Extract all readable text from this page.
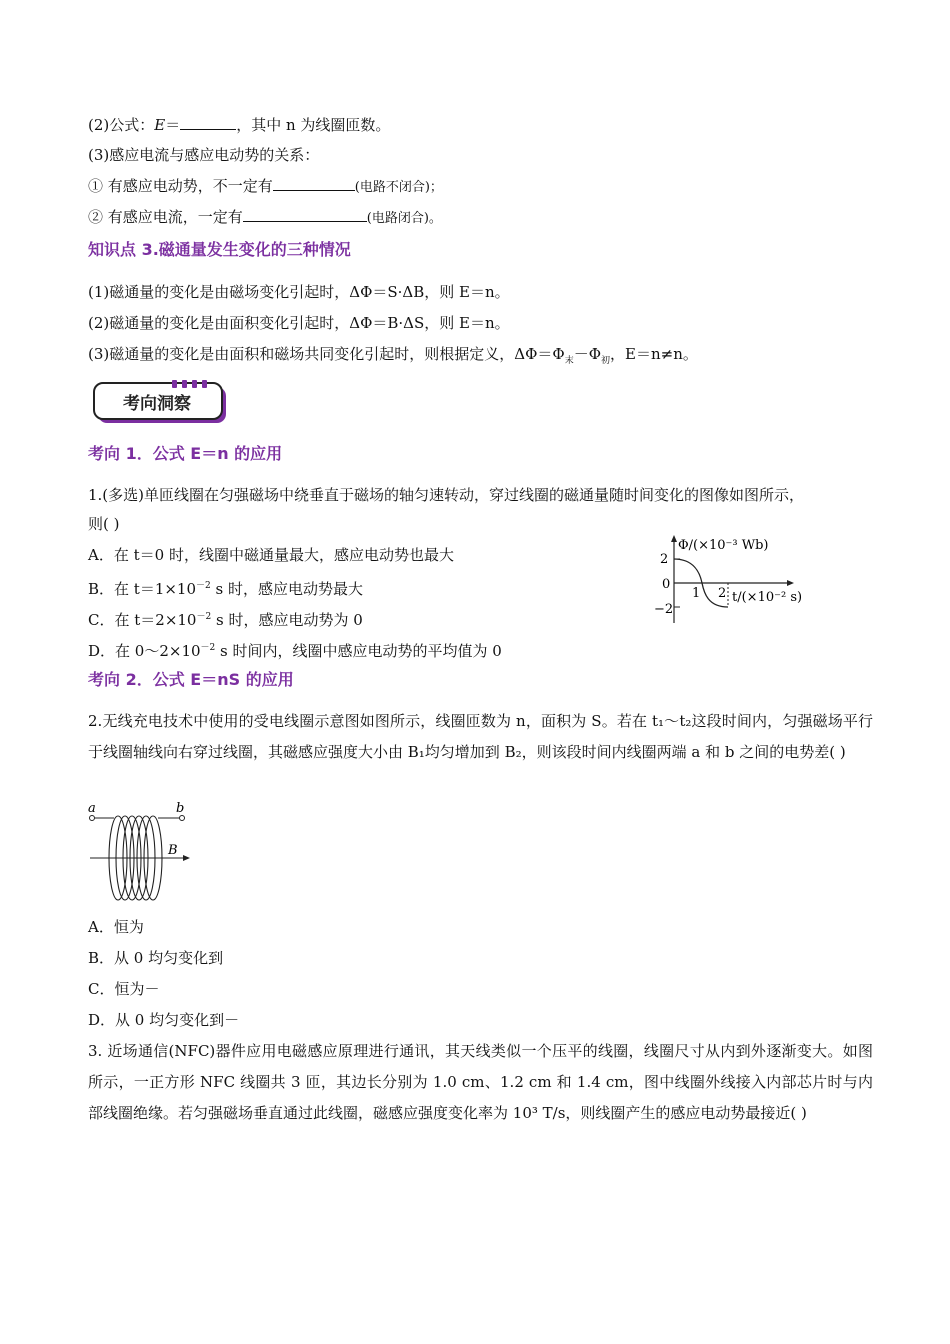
(2)公式：E＝	，其中 n 为线圈匝数。
(3)感应电流与感应电动势的关系：
① 有感应电动势，不一定有	(电路不闭合)；
② 有感应电流，一定有	(电路闭合)。
知识点 3.磁通量发生变化的三种情况
(1)磁通量的变化是由磁场变化引起时，ΔΦ＝S·ΔB，则 E＝n。
(2)磁通量的变化是由面积变化引起时，ΔΦ＝B·ΔS，则 E＝n。
(3)磁通量的变化是由面积和磁场共同变化引起时，则根据定义，$\Delta\Phi=\Phi_末-\Phi_初$，E＝n≠n。
考向洞察
考向 1．公式 E＝n 的应用
1.(多选)单匝线圈在匀强磁场中绕垂直于磁场的轴匀速转动，穿过线圈的磁通量随时间变化的图像如图所示，
则( )
A．在 t＝0 时，线圈中磁通量最大，感应电动势也最大
B．在 $t=1\times 10^{-2}$ s 时，感应电动势最大
C．在 $t=2\times 10^{-2}$ s 时，感应电动势为 0
D．在 $0\sim 2\times 10^{-2}$ s 时间内，线圈中感应电动势的平均值为 0
2
0
−2
1 2
Φ/(×10⁻³ Wb)
t/(×10⁻² s)
考向 2．公式 E＝nS 的应用
2.无线充电技术中使用的受电线圈示意图如图所示，线圈匝数为 n，面积为 S。若在 t₁～t₂这段时间内，匀强磁场平行于线圈轴线向右穿过线圈，其磁感应强度大小由 B₁均匀增加到 B₂，则该段时间内线圈两端 a 和 b 之间的电势差( )
a	b
B
A．恒为
B．从 0 均匀变化到
C．恒为－
D．从 0 均匀变化到－
3. 近场通信(NFC)器件应用电磁感应原理进行通讯，其天线类似一个压平的线圈，线圈尺寸从内到外逐渐变大。如图所示，一正方形 NFC 线圈共 3 匝，其边长分别为 1.0 cm、1.2 cm 和 1.4 cm，图中线圈外线接入内部芯片时与内部线圈绝缘。若匀强磁场垂直通过此线圈，磁感应强度变化率为 10³ T/s，则线圈产生的感应电动势最接近( )
